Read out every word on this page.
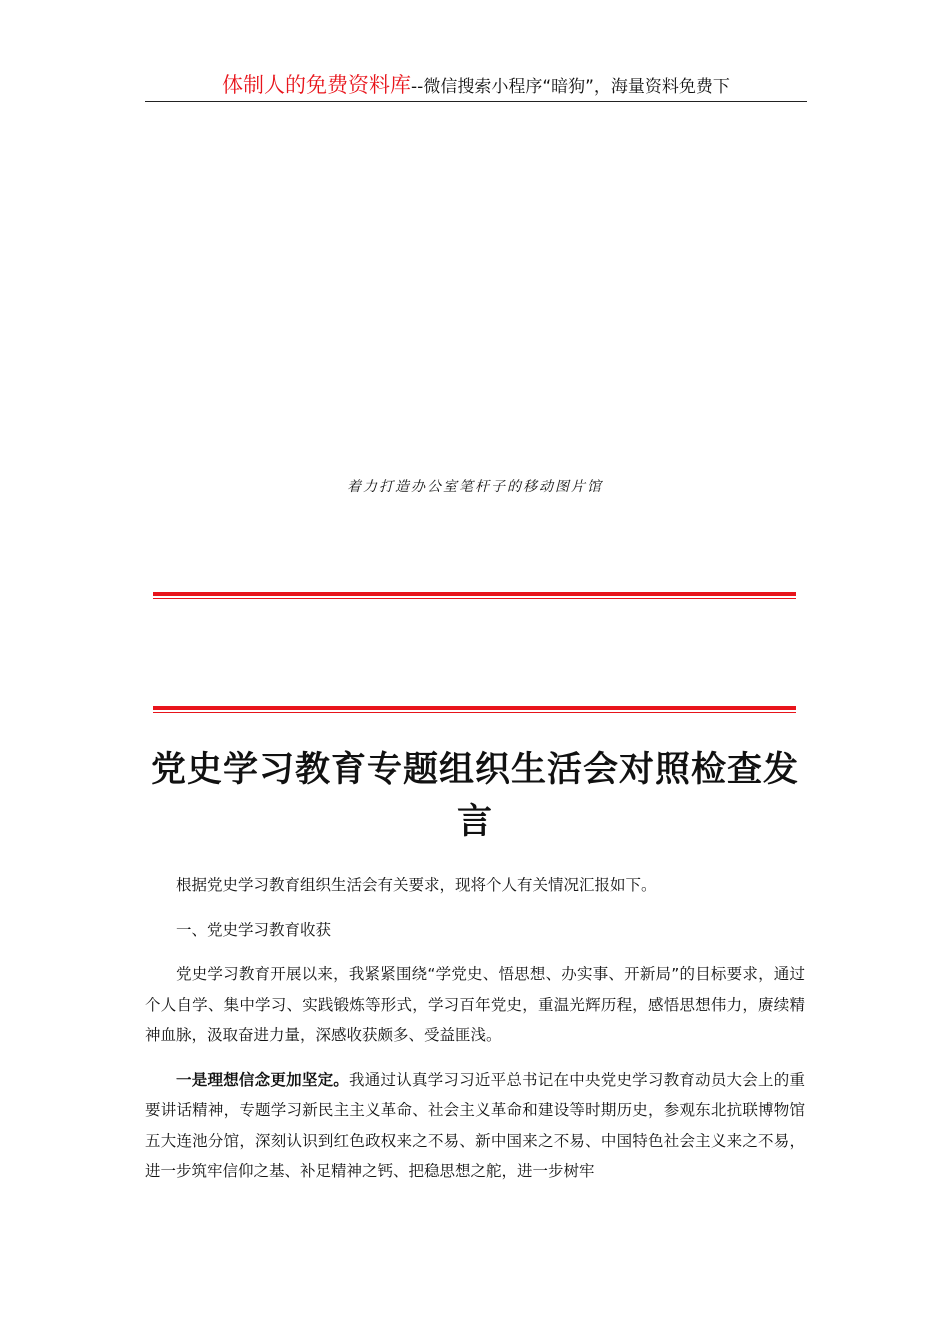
体制人的免费资料库--微信搜索小程序“暗狗”，海量资料免费下
着力打造办公室笔杆子的移动图片馆
党史学习教育专题组织生活会对照检查发言

根据党史学习教育组织生活会有关要求，现将个人有关情况汇报如下。

一、党史学习教育收获

党史学习教育开展以来，我紧紧围绕“学党史、悟思想、办实事、开新局”的目标要求，通过个人自学、集中学习、实践锻炼等形式，学习百年党史，重温光辉历程，感悟思想伟力，赓续精神血脉，汲取奋进力量，深感收获颇多、受益匪浅。

一是理想信念更加坚定。我通过认真学习习近平总书记在中央党史学习教育动员大会上的重要讲话精神，专题学习新民主主义革命、社会主义革命和建设等时期历史，参观东北抗联博物馆五大连池分馆，深刻认识到红色政权来之不易、新中国来之不易、中国特色社会主义来之不易，进一步筑牢信仰之基、补足精神之钙、把稳思想之舵，进一步树牢
